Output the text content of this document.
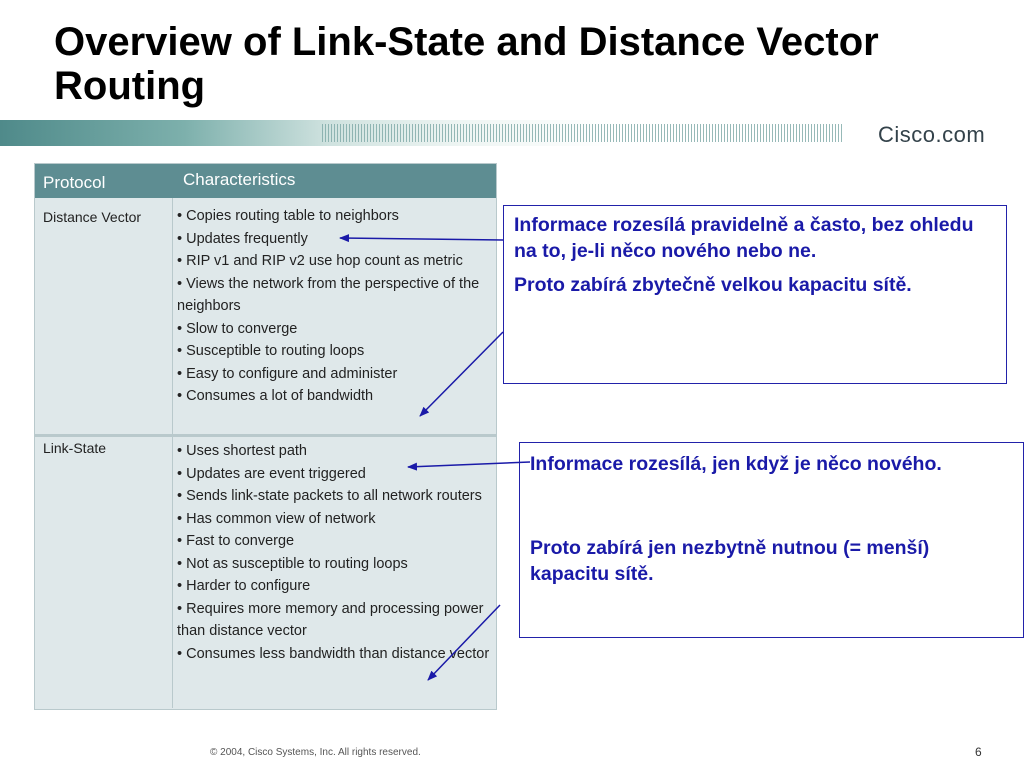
Overview of Link-State and Distance Vector Routing
Cisco.com
Protocol	Characteristics
Distance Vector • Copies routing table to neighbors
• Updates frequently
• RIP v1 and RIP v2 use hop count as metric
• Views the network from the perspective of the neighbors
• Slow to converge
• Susceptible to routing loops
• Easy to configure and administer
• Consumes a lot of bandwidth
Link-State	• Uses shortest path
• Updates are event triggered
• Sends link-state packets to all network routers
• Has common view of network
• Fast to converge
• Not as susceptible to routing loops
• Harder to configure
• Requires more memory and processing power than distance vector
• Consumes less bandwidth than distance vector

Informace rozesílá pravidelně a často, bez ohledu na to, je-li něco nového nebo ne.

Proto zabírá zbytečně velkou kapacitu sítě.

Informace rozesílá, jen když je něco nového.

Proto zabírá jen nezbytně nutnou (= menší) kapacitu sítě.

© 2004, Cisco Systems, Inc. All rights reserved.	6
